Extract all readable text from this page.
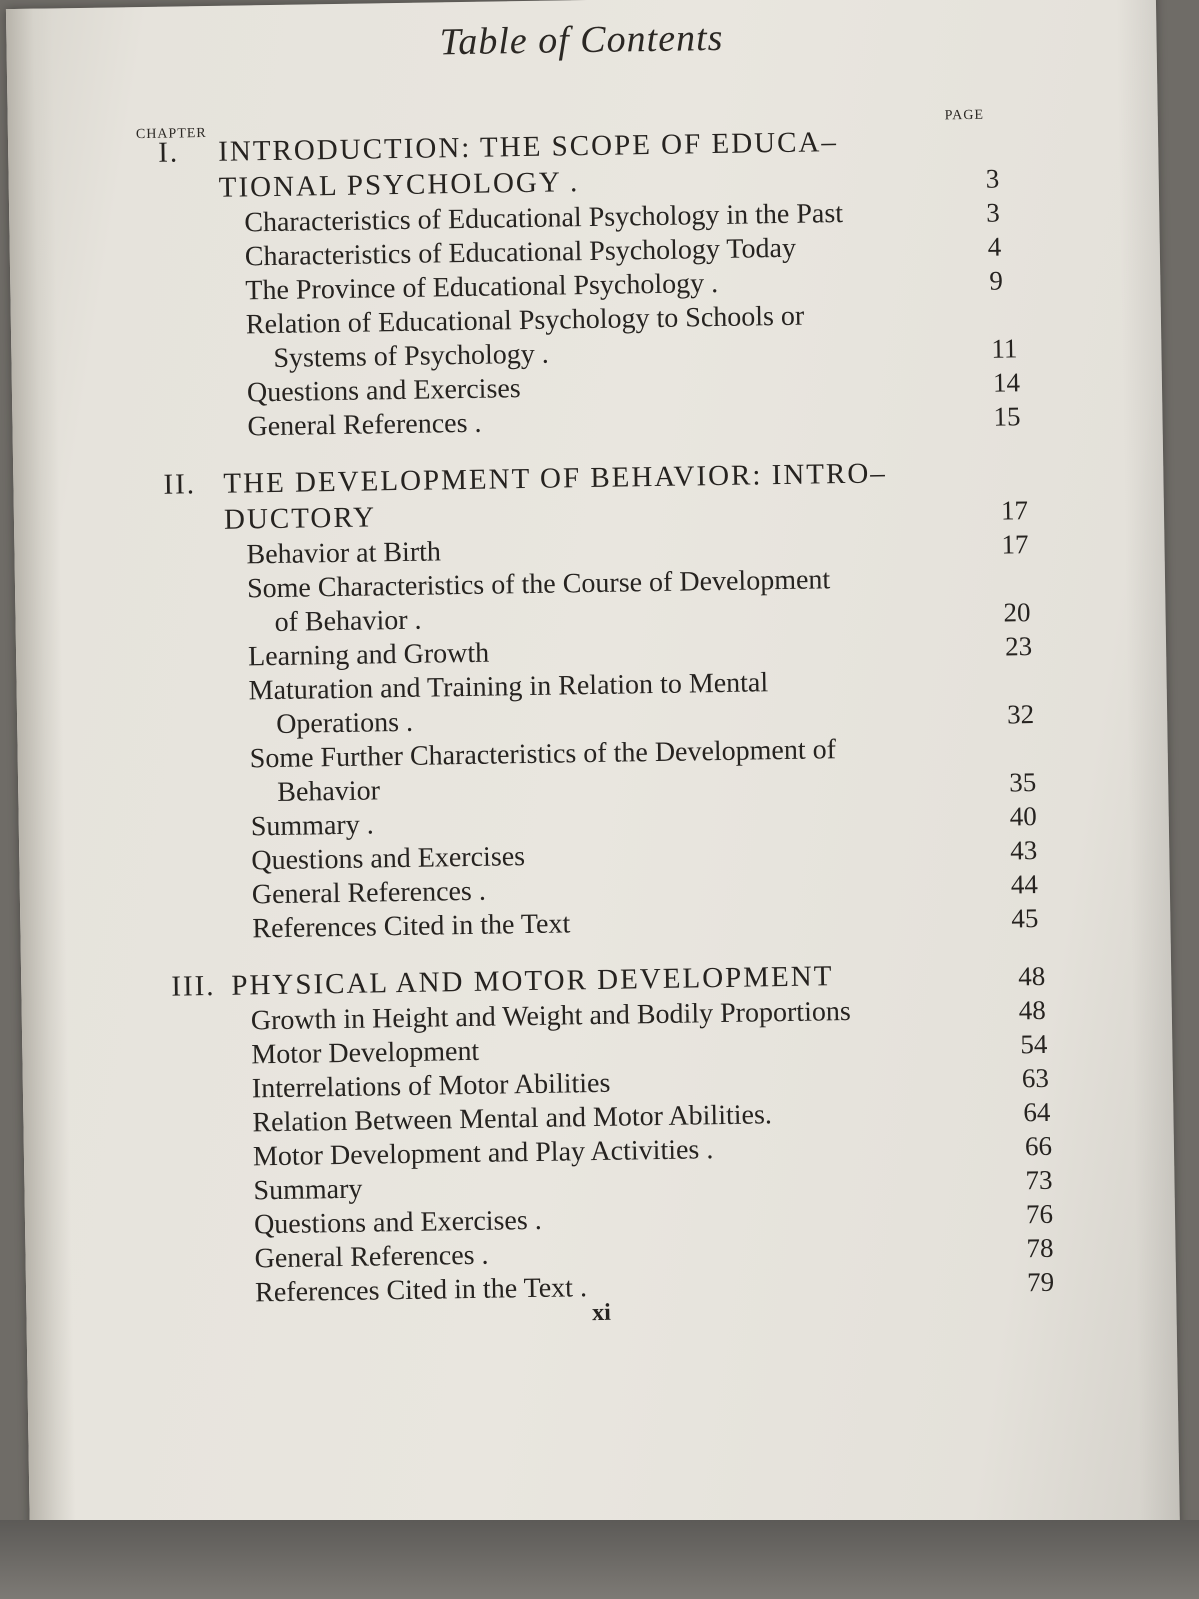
Table of Contents
CHAPTER
PAGE
I. INTRODUCTION: THE SCOPE OF EDUCA–
TIONAL PSYCHOLOGY .	3
Characteristics of Educational Psychology in the Past	3
Characteristics of Educational Psychology Today	4
The Province of Educational Psychology .	9
Relation of Educational Psychology to Schools or
Systems of Psychology .	11
Questions and Exercises	14
General References .	15
II. THE DEVELOPMENT OF BEHAVIOR: INTRO–
DUCTORY	17
Behavior at Birth	17
Some Characteristics of the Course of Development
of Behavior .	20
Learning and Growth	23
Maturation and Training in Relation to Mental
Operations .	32
Some Further Characteristics of the Development of
Behavior	35
Summary .	40
Questions and Exercises	43
General References .	44
References Cited in the Text	45
III. PHYSICAL AND MOTOR DEVELOPMENT	48
Growth in Height and Weight and Bodily Proportions	48
Motor Development	54
Interrelations of Motor Abilities	63
Relation Between Mental and Motor Abilities.	64
Motor Development and Play Activities .	66
Summary	73
Questions and Exercises .	76
General References .	78
References Cited in the Text .	79
xi
